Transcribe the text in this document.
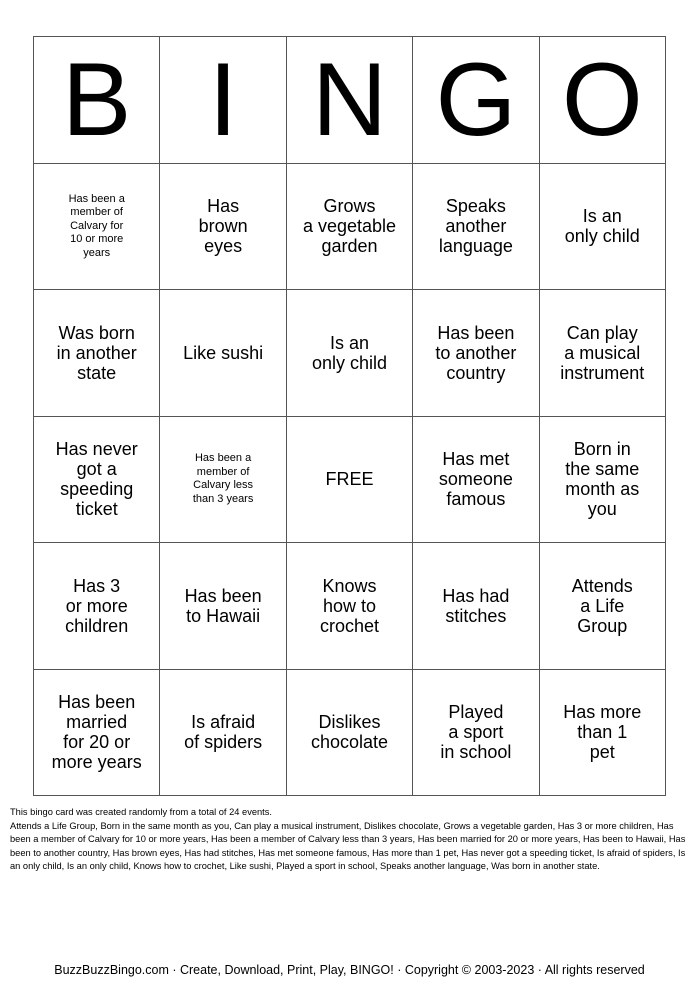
B I N G O
Has been a
member of
Calvary for
10 or more
years
Has
brown
eyes
Grows
a vegetable
garden
Speaks
another
language
Is an
only child
Was born
in another
state
Like sushi	Is an
only child
Has been
to another
country
Can play
a musical
instrument
Has never
got a
speeding
ticket
Has been a
member of
Calvary less
than 3 years
FREE
Has met
someone
famous
Born in
the same
month as
you
Has 3
or more
children
Has been
to Hawaii
Knows
how to
crochet
Has had
stitches
Attends
a Life
Group
Has been
married
for 20 or
more years
Is afraid
of spiders
Dislikes
chocolate
Played
a sport
in school
Has more
than 1
pet

This bingo card was created randomly from a total of 24 events.

Attends a Life Group, Born in the same month as you, Can play a musical instrument, Dislikes chocolate, Grows a vegetable garden, Has 3 or more children, Has been a member of Calvary for 10 or more years, Has been a member of Calvary less than 3 years, Has been married for 20 or more years, Has been to Hawaii, Has been to another country, Has brown eyes, Has had stitches, Has met someone famous, Has more than 1 pet, Has never got a speeding ticket, Is afraid of spiders, Is an only child, Is an only child, Knows how to crochet, Like sushi, Played a sport in school, Speaks another language, Was born in another state.

BuzzBuzzBingo.com · Create, Download, Print, Play, BINGO! · Copyright © 2003-2023 · All rights reserved
